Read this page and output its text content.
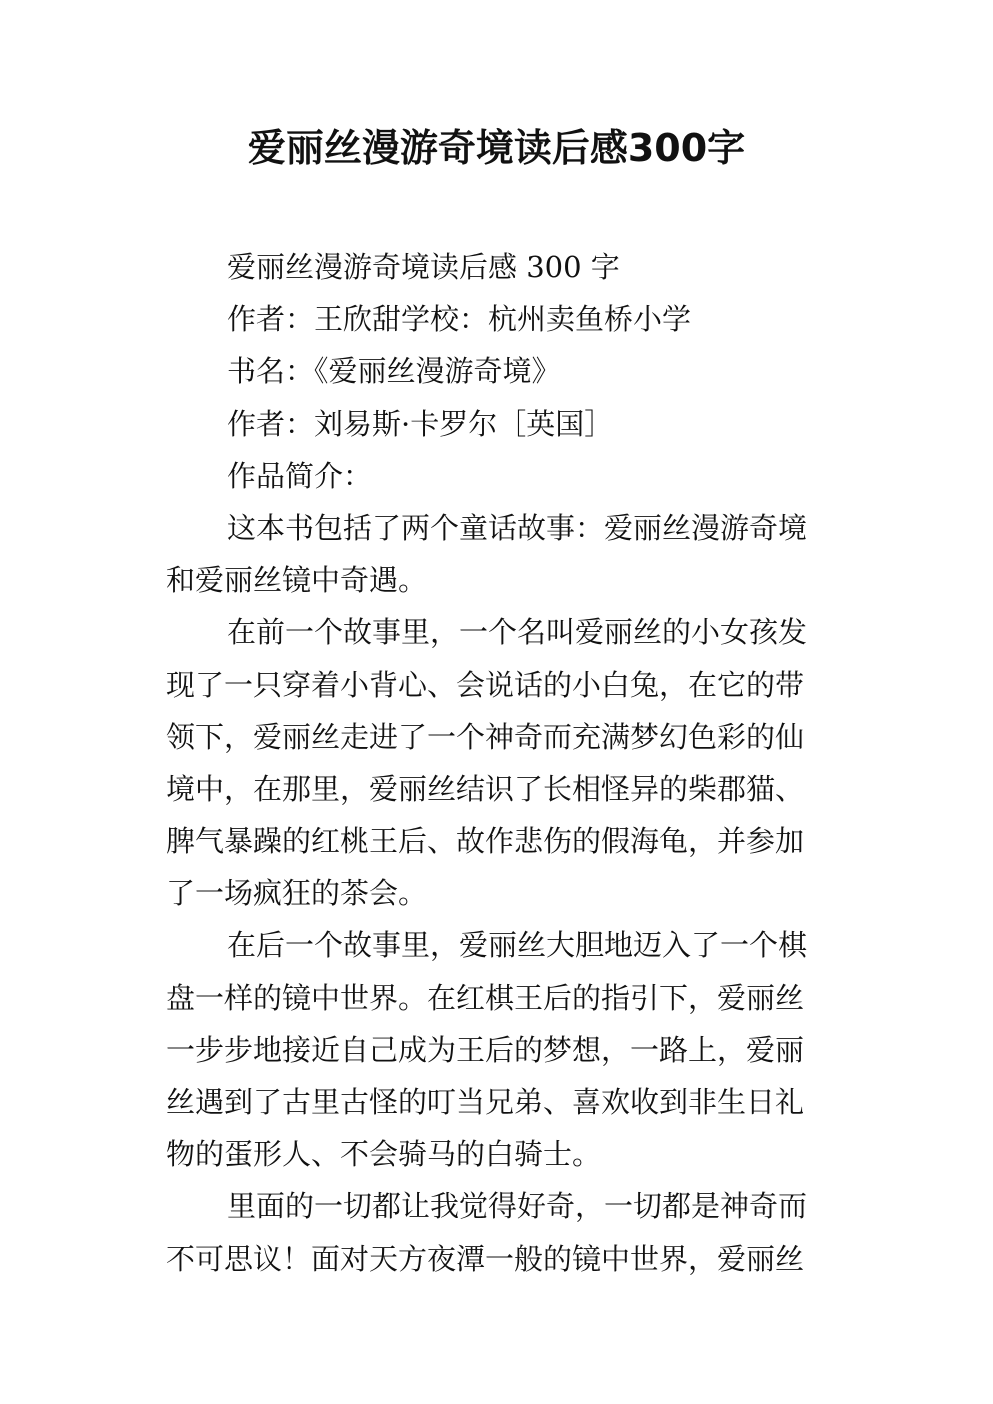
爱丽丝漫游奇境读后感300字
爱丽丝漫游奇境读后感 300 字
作者：王欣甜学校：杭州卖鱼桥小学
书名：《爱丽丝漫游奇境》
作者：刘易斯·卡罗尔［英国］
作品简介：
这本书包括了两个童话故事：爱丽丝漫游奇境
和爱丽丝镜中奇遇。
在前一个故事里，一个名叫爱丽丝的小女孩发
现了一只穿着小背心、会说话的小白兔，在它的带
领下，爱丽丝走进了一个神奇而充满梦幻色彩的仙
境中，在那里，爱丽丝结识了长相怪异的柴郡猫、
脾气暴躁的红桃王后、故作悲伤的假海龟，并参加
了一场疯狂的茶会。
在后一个故事里，爱丽丝大胆地迈入了一个棋
盘一样的镜中世界。在红棋王后的指引下，爱丽丝
一步步地接近自己成为王后的梦想，一路上，爱丽
丝遇到了古里古怪的叮当兄弟、喜欢收到非生日礼
物的蛋形人、不会骑马的白骑士。
里面的一切都让我觉得好奇，一切都是神奇而
不可思议！面对天方夜潭一般的镜中世界，爱丽丝
